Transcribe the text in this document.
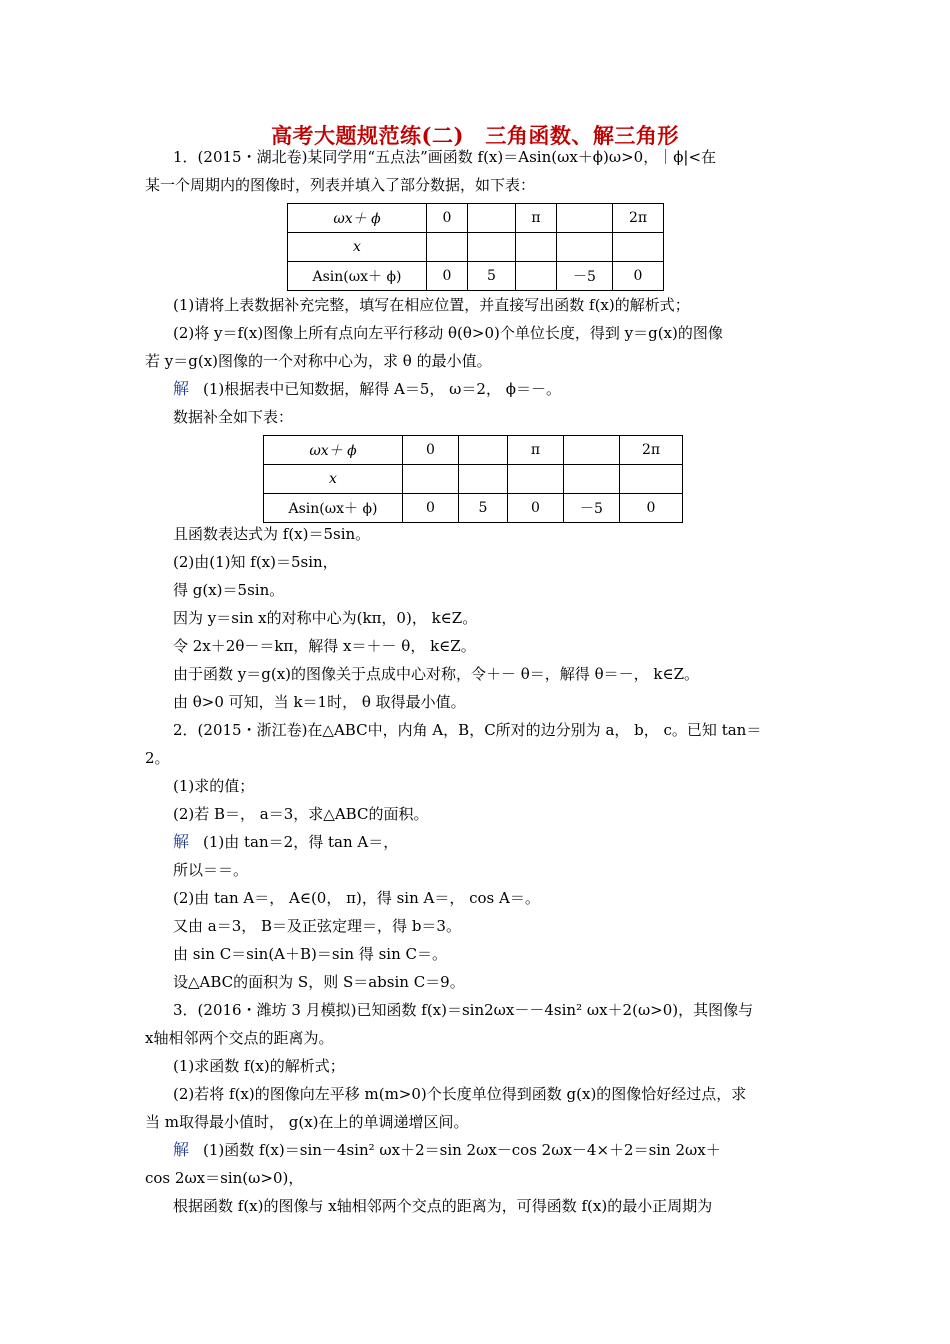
高考大题规范练(二)　三角函数、解三角形
1．(2015・湖北卷)某同学用“五点法”画函数 f(x)＝Asin(ωx＋ϕ)ω>0，｜ϕ|<在
某一个周期内的图像时，列表并填入了部分数据，如下表：
ωx＋ ϕ	0		π		2π
x					
Asin(ωx＋ ϕ)	0	5		－5	0
(1)请将上表数据补充完整，填写在相应位置，并直接写出函数 f(x)的解析式；
(2)将 y＝f(x)图像上所有点向左平行移动 θ(θ>0)个单位长度，得到 y＝g(x)的图像
若 y＝g(x)图像的一个对称中心为，求 θ 的最小值。
解 (1)根据表中已知数据，解得 A＝5， ω＝2， ϕ＝－。
数据补全如下表：
ωx＋ ϕ	0		π		2π
x					
Asin(ωx＋ ϕ)	0	5	0	－5	0
且函数表达式为 f(x)＝5sin。
(2)由(1)知 f(x)＝5sin，
得 g(x)＝5sin。
因为 y＝sin x的对称中心为(kπ，0)， k∈Z。
令 2x＋2θ－＝kπ，解得 x＝＋－ θ， k∈Z。
由于函数 y＝g(x)的图像关于点成中心对称，令＋－ θ＝，解得 θ＝－， k∈Z。
由 θ>0 可知，当 k＝1时， θ 取得最小值。
2．(2015・浙江卷)在△ABC中，内角 A，B，C所对的边分别为 a， b， c。已知 tan＝
2。
(1)求的值；
(2)若 B＝， a＝3，求△ABC的面积。
解 (1)由 tan＝2，得 tan A＝，
所以＝＝。
(2)由 tan A＝， A∈(0， π)，得 sin A＝， cos A＝。
又由 a＝3， B＝及正弦定理＝，得 b＝3。
由 sin C＝sin(A＋B)＝sin 得 sin C＝。
设△ABC的面积为 S，则 S＝absin C＝9。
3．(2016・潍坊 3 月模拟)已知函数 f(x)＝sin2ωx－－4sin² ωx＋2(ω>0)，其图像与
x轴相邻两个交点的距离为。
(1)求函数 f(x)的解析式；
(2)若将 f(x)的图像向左平移 m(m>0)个长度单位得到函数 g(x)的图像恰好经过点，求
当 m取得最小值时， g(x)在上的单调递增区间。
解 (1)函数 f(x)＝sin－4sin² ωx＋2＝sin 2ωx－cos 2ωx－4×＋2＝sin 2ωx＋
cos 2ωx＝sin(ω>0)，
根据函数 f(x)的图像与 x轴相邻两个交点的距离为，可得函数 f(x)的最小正周期为
